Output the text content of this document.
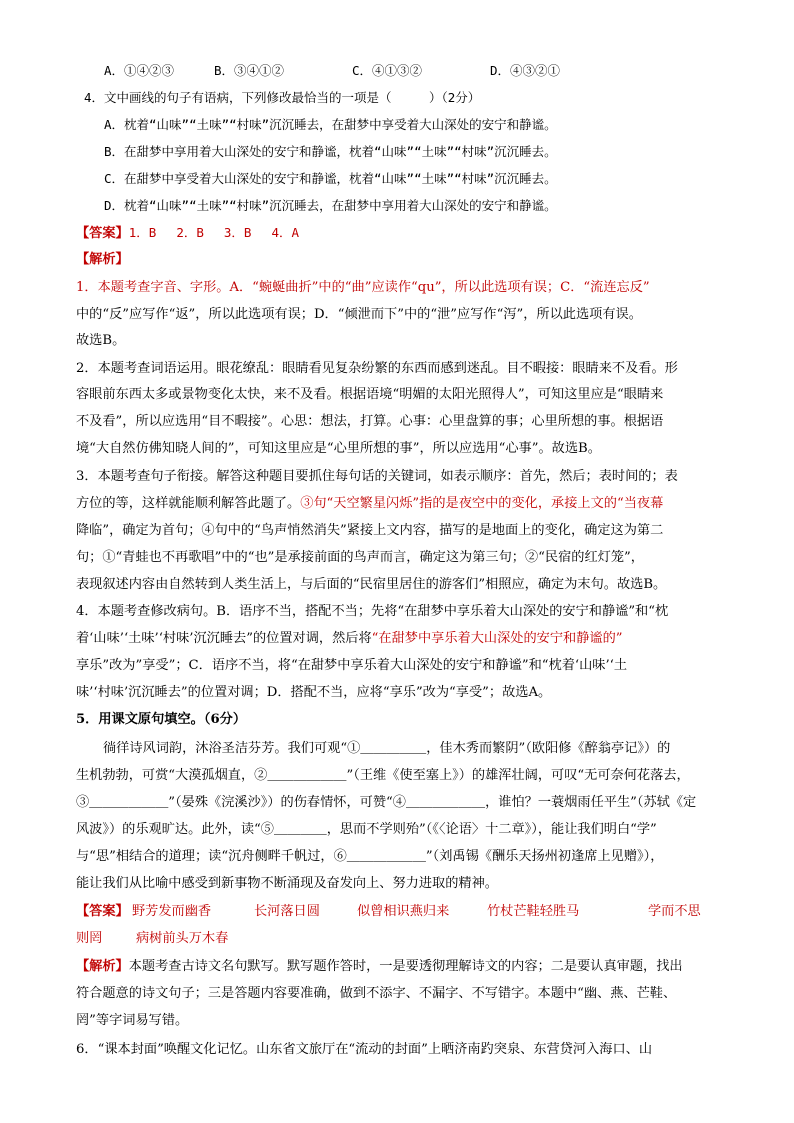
A．①④②③	B．③④①②	C．④①③②	D．④③②①
4．文中画线的句子有语病，下列修改最恰当的一项是（　　　）（2分）
A．枕着“山味”“土味”“村味”沉沉睡去，在甜梦中享受着大山深处的安宁和静谧。
B．在甜梦中享用着大山深处的安宁和静谧，枕着“山味”“土味”“村味”沉沉睡去。
C．在甜梦中享受着大山深处的安宁和静谧，枕着“山味”“土味”“村味”沉沉睡去。
D．枕着“山味”“土味”“村味”沉沉睡去，在甜梦中享用着大山深处的安宁和静谧。
【答案】1．B　 2．B　 3．B　 4．A
【解析】
1．本题考查字音、字形。A．“蜿蜒曲折”中的“曲”应读作“qu”，所以此选项有误；C．“流连忘反”
中的“反”应写作“返”，所以此选项有误；D．“倾泄而下”中的“泄”应写作“泻”，所以此选项有误。
故选B。
2．本题考查词语运用。眼花缭乱：眼睛看见复杂纷繁的东西而感到迷乱。目不暇接：眼睛来不及看。形
容眼前东西太多或景物变化太快，来不及看。根据语境“明媚的太阳光照得人”，可知这里应是“眼睛来
不及看”，所以应选用“目不暇接”。心思：想法，打算。心事：心里盘算的事；心里所想的事。根据语
境“大自然仿佛知晓人间的”，可知这里应是“心里所想的事”，所以应选用“心事”。故选B。
3．本题考查句子衔接。解答这种题目要抓住每句话的关键词，如表示顺序：首先，然后；表时间的；表
方位的等，这样就能顺利解答此题了。③句“天空繁星闪烁”指的是夜空中的变化，承接上文的“当夜幕
降临”，确定为首句；④句中的“鸟声悄然消失”紧接上文内容，描写的是地面上的变化，确定这为第二
句；①“青蛙也不再歌唱”中的“也”是承接前面的鸟声而言，确定这为第三句；②“民宿的红灯笼”，
表现叙述内容由自然转到人类生活上，与后面的“民宿里居住的游客们”相照应，确定为末句。故选B。
4．本题考查修改病句。B．语序不当，搭配不当；先将“在甜梦中享乐着大山深处的安宁和静谧”和“枕
着‘山味’‘土味’‘村味’沉沉睡去”的位置对调，然后将“在甜梦中享乐着大山深处的安宁和静谧的”
享乐”改为”享受”；C．语序不当，将“在甜梦中享乐着大山深处的安宁和静谧”和“枕着‘山味’‘土
味’‘村味’沉沉睡去”的位置对调；D．搭配不当，应将“享乐”改为“享受”；故选A。
5．用课文原句填空。（6分）
徜徉诗风词韵，沐浴圣洁芬芳。我们可观“①＿＿＿＿＿，佳木秀而繁阴”（欧阳修《醉翁亭记》）的
生机勃勃，可赏“大漠孤烟直，②＿＿＿＿＿＿”（王维《使至塞上》）的雄浑壮阔，可叹“无可奈何花落去，
③＿＿＿＿＿＿”（晏殊《浣溪沙》）的伤春情怀，可赞“④＿＿＿＿＿＿，谁怕？一蓑烟雨任平生”（苏轼《定
风波》）的乐观旷达。此外，读“⑤＿＿＿＿，思而不学则殆”（《〈论语〉十二章》），能让我们明白“学”
与“思”相结合的道理；读“沉舟侧畔千帆过，⑥＿＿＿＿＿＿”（刘禹锡《酬乐天扬州初逢席上见赠》），
能让我们从比喻中感受到新事物不断涌现及奋发向上、努力进取的精神。
【答案】 野芳发而幽香	长河落日圆	似曾相识燕归来	竹杖芒鞋轻胜马	学而不思
则罔	病树前头万木春
【解析】本题考查古诗文名句默写。默写题作答时，一是要透彻理解诗文的内容；二是要认真审题，找出
符合题意的诗文句子；三是答题内容要准确，做到不添字、不漏字、不写错字。本题中“幽、燕、芒鞋、
罔”等字词易写错。
6．“课本封面”唤醒文化记忆。山东省文旅厅在“流动的封面”上晒济南趵突泉、东营贷河入海口、山
